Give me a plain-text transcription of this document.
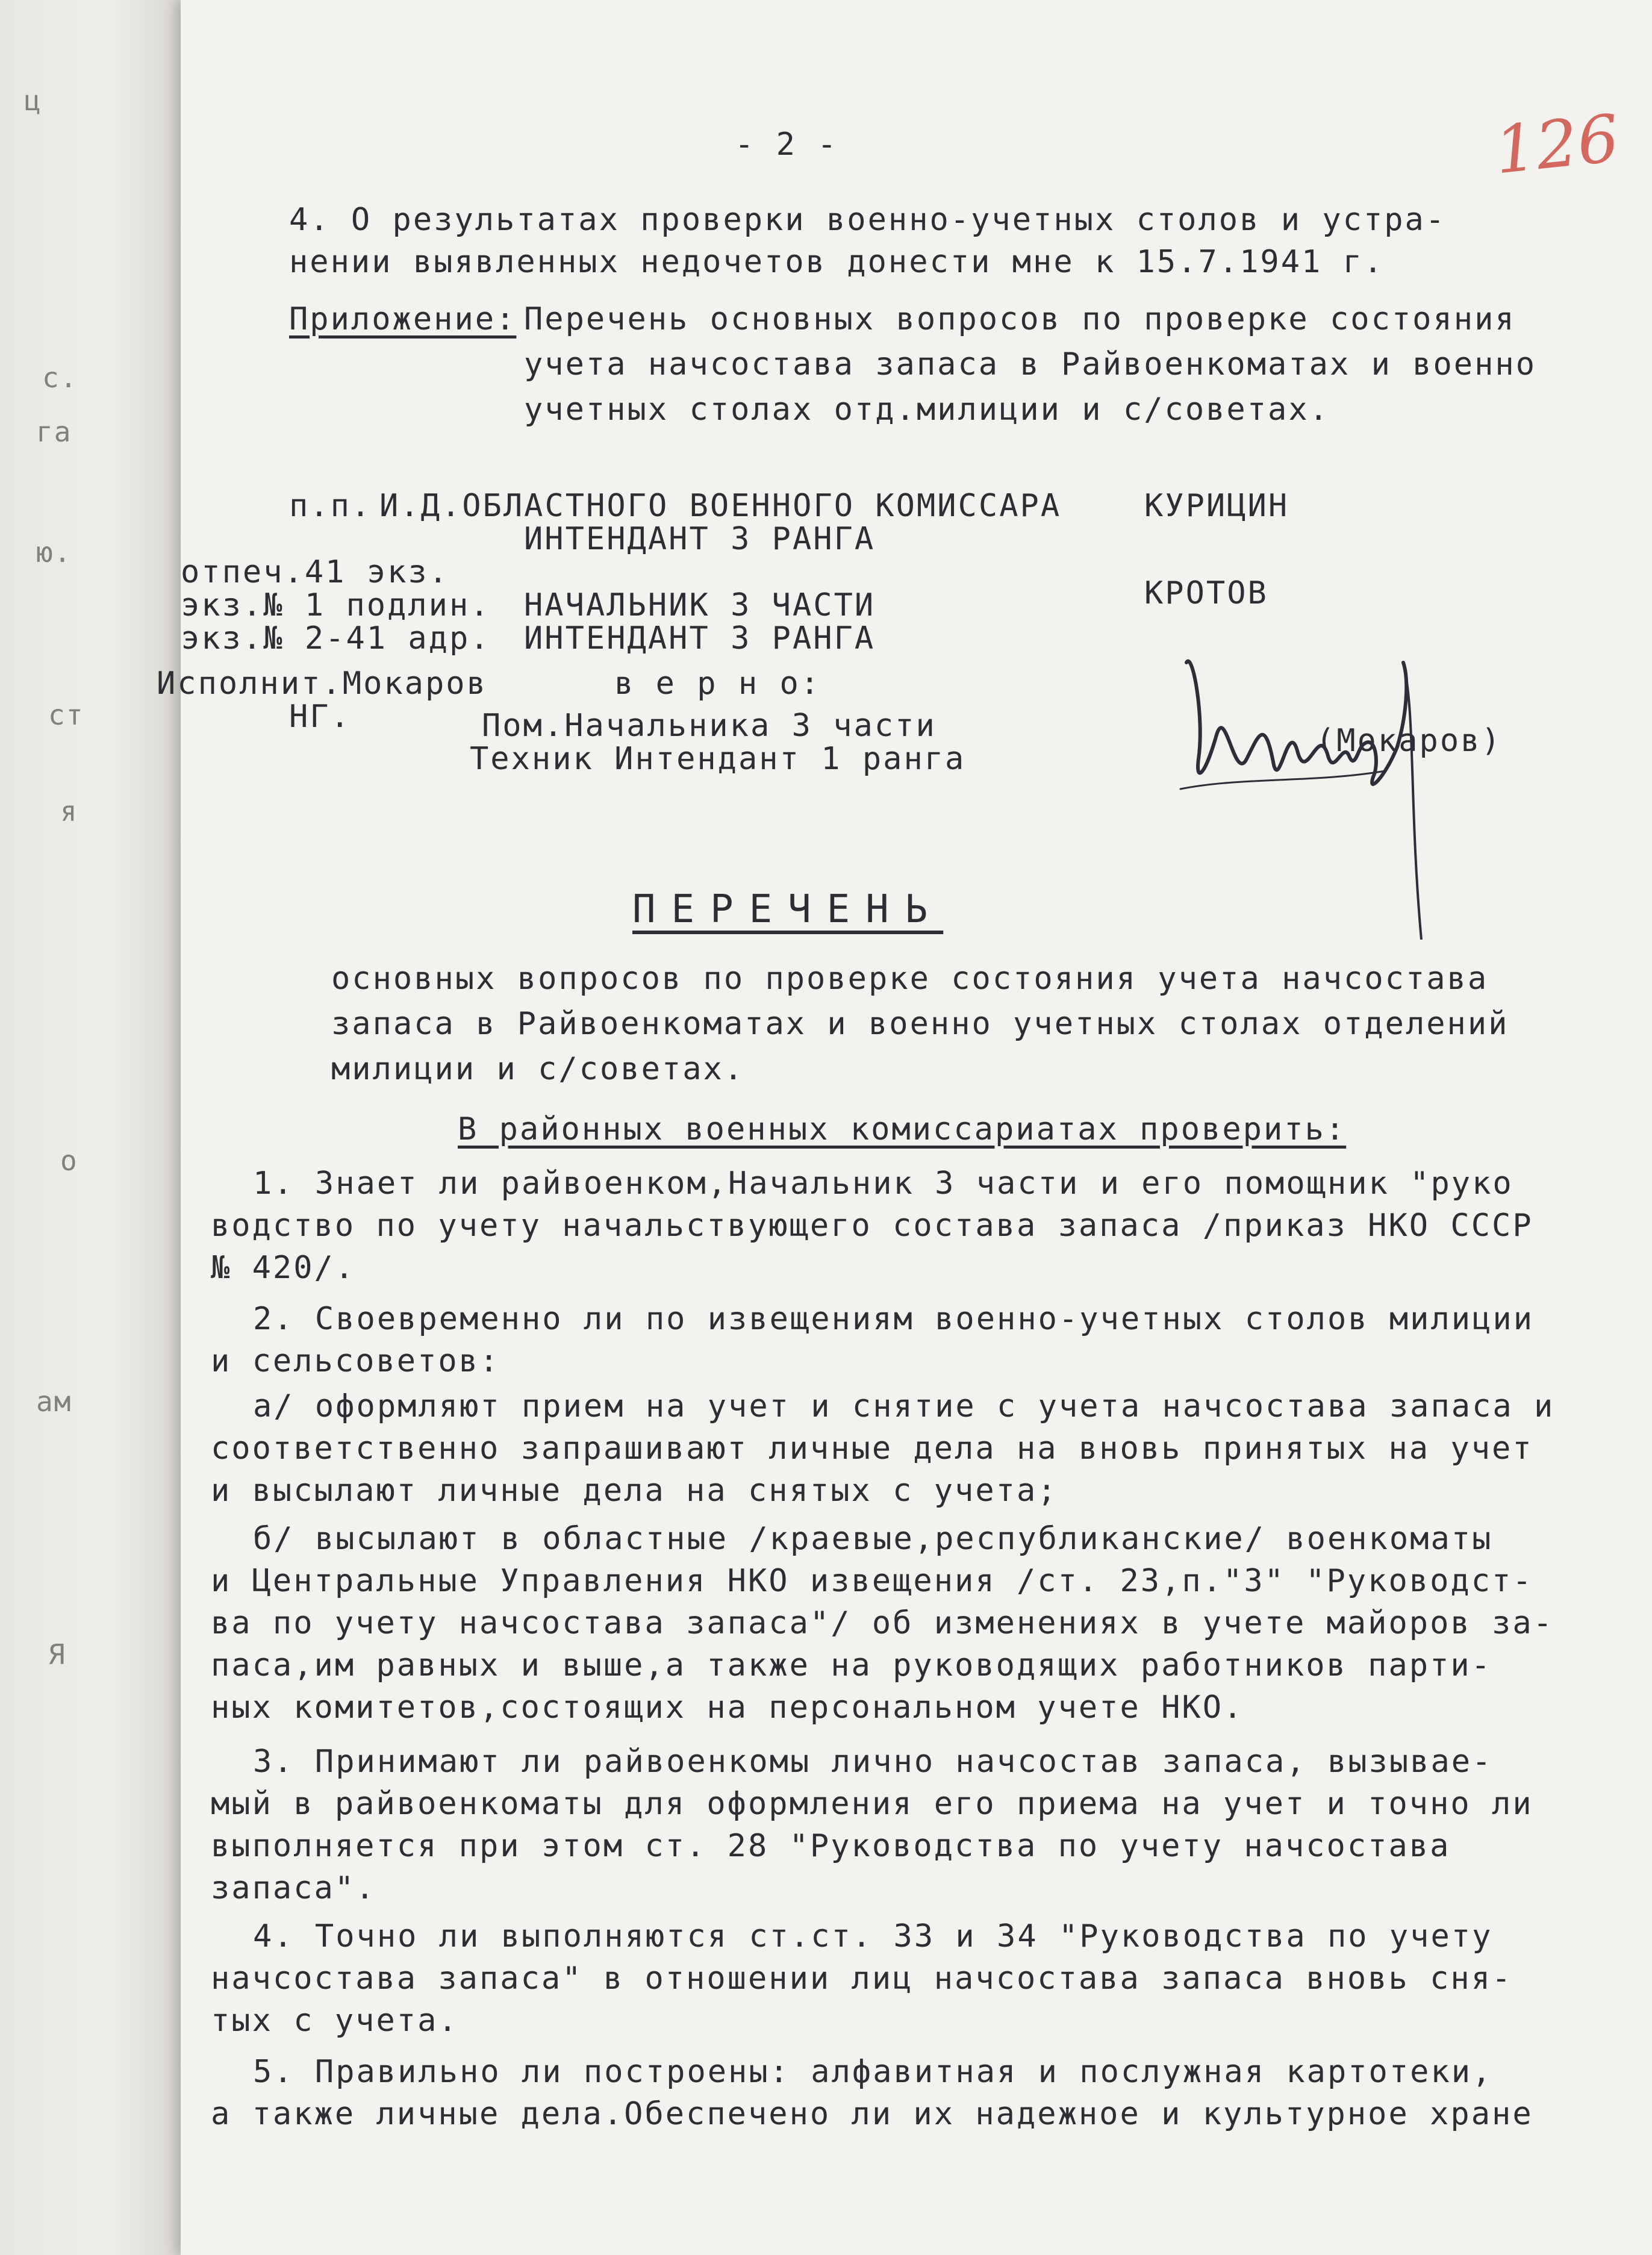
ц
с.
га
ю.
ст
я
о
ам
Я
126
- 2 -
4. О результатах проверки военно-учетных столов и устра-
нении выявленных недочетов донести мне к 15.7.1941 г.
Приложение: Перечень основных вопросов по проверке состояния
учета начсостава запаса в Райвоенкоматах и военно
учетных столах отд.милиции и с/советах.
п.п. И.Д.ОБЛАСТНОГО ВОЕННОГО КОМИССАРА
ИНТЕНДАНТ 3 РАНГА
КУРИЦИН
отпеч.41 экз.
экз.№ 1 подлин.
экз.№ 2-41 адр.
НАЧАЛЬНИК 3 ЧАСТИ
ИНТЕНДАНТ 3 РАНГА
КРОТОВ
Исполнит.Мокаров
НГ.
в е р н о:
Пом.Начальника 3 части
Техник Интендант 1 ранга	(Мокаров)
ПЕРЕЧЕНЬ
основных вопросов по проверке состояния учета начсостава
запаса в Райвоенкоматах и военно учетных столах отделений
милиции и с/советах.
В районных военных комиссариатах проверить:
1. Знает ли райвоенком,Начальник 3 части и его помощник "руко
водство по учету начальствующего состава запаса /приказ НКО СССР
№ 420/.
2. Своевременно ли по извещениям военно-учетных столов милиции
и сельсоветов:
а/ оформляют прием на учет и снятие с учета начсостава запаса и
соответственно запрашивают личные дела на вновь принятых на учет
и высылают личные дела на снятых с учета;
б/ высылают в областные /краевые,республиканские/ военкоматы
и Центральные Управления НКО извещения /ст. 23,п."3" "Руководст-
ва по учету начсостава запаса"/ об изменениях в учете майоров за-
паса,им равных и выше,а также на руководящих работников парти-
ных комитетов,состоящих на персональном учете НКО.
3. Принимают ли райвоенкомы лично начсостав запаса, вызывае-
мый в райвоенкоматы для оформления его приема на учет и точно ли
выполняется при этом ст. 28 "Руководства по учету начсостава
запаса".
4. Точно ли выполняются ст.ст. 33 и 34 "Руководства по учету
начсостава запаса" в отношении лиц начсостава запаса вновь сня-
тых с учета.
5. Правильно ли построены: алфавитная и послужная картотеки,
а также личные дела.Обеспечено ли их надежное и культурное хране
